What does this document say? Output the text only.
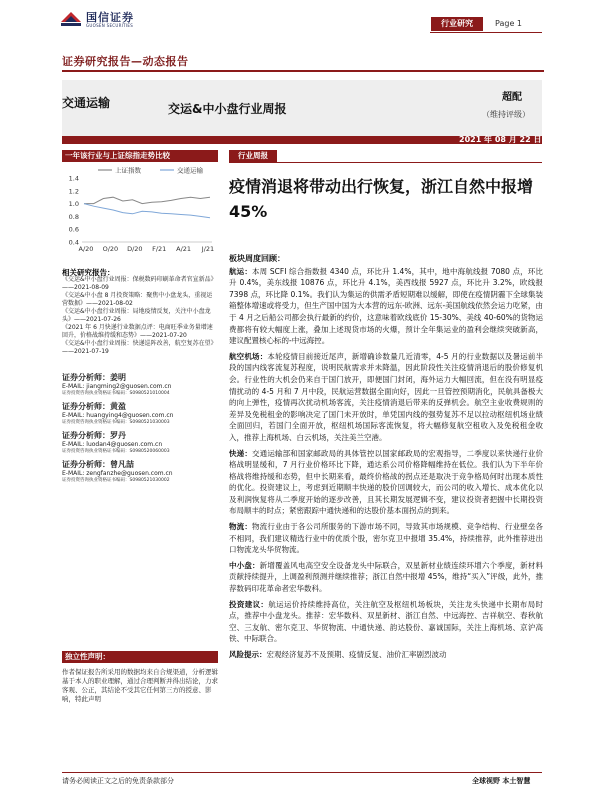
国信证券
GUOSEN SECURITIES	行业研究	Page 1
证券研究报告—动态报告
交通运输	交运&中小盘行业周报
超配
（维持评级）
2021 年 08 月 22 日
一年该行业与上证综指走势比较
1.4
1.2
1.0
0.8
0.6
0.4
A/20 O/20 D/20 F/21 A/21 J/21
上证指数	交通运输
相关研究报告：
《交运&中小盘行业周报：保税数码印刷革命者官宣新品》——2021-08-09
《交运&中小盘 8 月投资策略：聚焦中小盘龙头，重视运营数据》——2021-08-02
《交运&中小盘行业周报：局地疫情反复，关注中小盘龙头》——2021-07-26
《2021 年 6 月快递行业数据点评：电商旺季业务量增速回升，价格战维持缓和态势》——2021-07-20
《交运&中小盘行业周报：快递巡阵改善，航空复苏在望》——2021-07-19
证券分析师：姜明
E-MAIL: jiangming2@guosen.com.cn
证券投资咨询执业资格证书编码：S0980521010004
证券分析师：黄盈
E-MAIL: huangying4@guosen.com.cn
证券投资咨询执业资格证书编码：S0980521030003
证券分析师：罗丹
E-MAIL: luodan4@guosen.com.cn
证券投资咨询执业资格证书编码：S0980520060003
证券分析师：曾凡喆
E-MAIL: zengfanzhe@guosen.com.cn
证券投资咨询执业资格证书编码：S0980521030002
独立性声明：
作者保证报告所采用的数据均来自合规渠道，分析逻辑基于本人的职业理解，通过合理判断并得出结论，力求客观、公正，其结论不受其它任何第三方的授意、影响，特此声明
行业周报
疫情消退将带动出行恢复，浙江自然中报增 45%
板块周度回顾：

航运：本周 SCFI 综合指数报 4340 点，环比升 1.4%，其中，地中海航线报 7080 点，环比升 0.4%，美东线报 10876 点，环比升 4.1%，美西线报 5927 点，环比升 3.2%，欧线报 7398 点，环比降 0.1%。我们认为集运的供需矛盾短期难以缓解，即使在疫情阴霾下全球集装箱整体增速或将受力，但生产国中国为大本营的远东-欧洲、远东-美国航线依然会运力吃紧，由于 4 月之后船公司都会执行最新的约价，这意味着欧线底价 15-30%、美线 40-60%的货物运费都将有较大幅度上涨，叠加上述现货市场的火爆，预计全年集运业的盈利会继续突破新高，建议配置核心标的-中远海控。

航空机场：本轮疫情目前接近尾声，新增确诊数量几近清零，4-5 月的行业数据以及暑运前半段的国内线客流复苏程度，说明民航需求并未降温，因此阶段性关注疫情消退后的股价修复机会。行业性的大机会仍来自于国门放开，即便国门封闭，海外运力大幅回流，但在没有明显疫情扰动的 4-5 月和 7 月中段，民航运营数据全面向好，因此一旦管控预期消化，民航具备极大的向上弹性，疫情再次扰动机场客流，关注疫情消退后带来的反弹机会。航空主业收费规则的差异及免税租金的影响决定了国门未开放时，单凭国内线的强势复苏不足以拉动枢纽机场业绩全面回归，若国门全面开放，枢纽机场国际客流恢复，将大幅修复航空租收入及免税租金收入，推荐上海机场、白云机场，关注美兰空港。

快递：交通运输部和国家邮政局的具体管控以国家邮政局的宏观指导，二季度以来快递行业价格战明显缓和，7 月行业价格环比下降，通达系公司价格降幅维持在低位。我们认为下半年价格战将维持缓和态势，但中长期来看，最终价格战的拐点还是取决于竞争格局何时出现本质性的优化。投资建议上，考虑到近期顺丰快递的股价回调较大，而公司的收入增长、成本优化以及利润恢复将从二季度开始的逐步改善，且其长期发展逻辑不变，建议投资者把握中长期投资布局顺丰的时点；紧密跟踪中通快递和的达股价基本面拐点的到来。

物流：物流行业由于各公司所服务的下游市场不同，导致其市场规模、竞争结构、行业壁垒各不相同，我们建议精选行业中的优质个股，密尔克卫中报增 35.4%，持续推荐，此外推荐进出口物流龙头华贸物流。

中小盘：新增覆盖风电高空安全设备龙头中际联合，双星新材业绩连续环增六个季度，新材料贡献持续提升，上调盈利预测并继续推荐；浙江自然中报增 45%，维持“买入”评级，此外，推荐数码印花革命者宏华数科。

投资建议：航运运价持续维持高位，关注航空及枢纽机场板块，关注龙头快递中长期布局时点，推荐中小盘龙头。推荐：宏华数科、双星新材、浙江自然、中远海控、吉祥航空、春秋航空、三友航、密尔克卫、华贸物流、中通快递、韵达股份、嘉诚国际，关注上海机场、京沪高铁、中际联合。

风险提示：宏观经济复苏不及预期、疫情反复、油价汇率剧烈波动

请务必阅读正文之后的免责条款部分	全球视野 本土智慧
